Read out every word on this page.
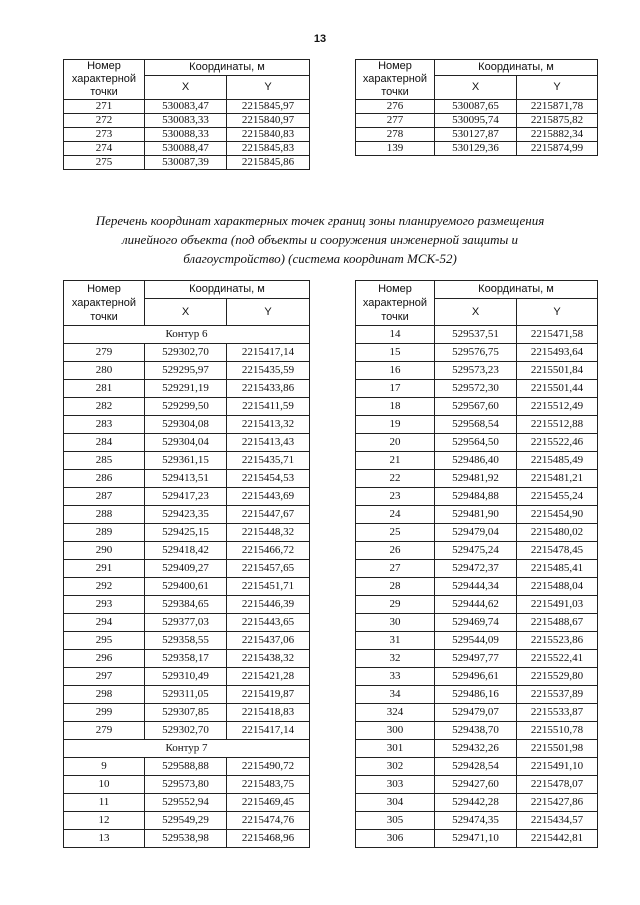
13
Номер характерной точки	Координаты, м	
	X	Y
271	530083,47	2215845,97
272	530083,33	2215840,97
273	530088,33	2215840,83
274	530088,47	2215845,83
275	530087,39	2215845,86
Номер характерной точки	Координаты, м	
	X	Y
276	530087,65	2215871,78
277	530095,74	2215875,82
278	530127,87	2215882,34
139	530129,36	2215874,99
Перечень координат характерных точек границ зоны планируемого размещения
линейного объекта (под объекты и сооружения инженерной защиты и
благоустройство) (система координат МСК-52)
Номер характерной точки	Координаты, м	
	X	Y
Контур 6		
279	529302,70	2215417,14
280	529295,97	2215435,59
281	529291,19	2215433,86
282	529299,50	2215411,59
283	529304,08	2215413,32
284	529304,04	2215413,43
285	529361,15	2215435,71
286	529413,51	2215454,53
287	529417,23	2215443,69
288	529423,35	2215447,67
289	529425,15	2215448,32
290	529418,42	2215466,72
291	529409,27	2215457,65
292	529400,61	2215451,71
293	529384,65	2215446,39
294	529377,03	2215443,65
295	529358,55	2215437,06
296	529358,17	2215438,32
297	529310,49	2215421,28
298	529311,05	2215419,87
299	529307,85	2215418,83
279	529302,70	2215417,14
Контур 7		
9	529588,88	2215490,72
10	529573,80	2215483,75
11	529552,94	2215469,45
12	529549,29	2215474,76
13	529538,98	2215468,96
Номер характерной точки	Координаты, м	
	X	Y
14	529537,51	2215471,58
15	529576,75	2215493,64
16	529573,23	2215501,84
17	529572,30	2215501,44
18	529567,60	2215512,49
19	529568,54	2215512,88
20	529564,50	2215522,46
21	529486,40	2215485,49
22	529481,92	2215481,21
23	529484,88	2215455,24
24	529481,90	2215454,90
25	529479,04	2215480,02
26	529475,24	2215478,45
27	529472,37	2215485,41
28	529444,34	2215488,04
29	529444,62	2215491,03
30	529469,74	2215488,67
31	529544,09	2215523,86
32	529497,77	2215522,41
33	529496,61	2215529,80
34	529486,16	2215537,89
324	529479,07	2215533,87
300	529438,70	2215510,78
301	529432,26	2215501,98
302	529428,54	2215491,10
303	529427,60	2215478,07
304	529442,28	2215427,86
305	529474,35	2215434,57
306	529471,10	2215442,81
